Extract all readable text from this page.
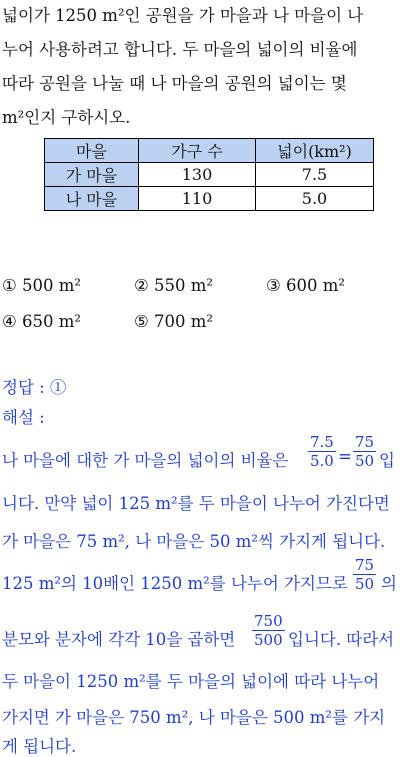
넓이가 1250 m²인 공원을 가 마을과 나 마을이 나
누어 사용하려고 합니다. 두 마을의 넓이의 비율에
따라 공원을 나눌 때 나 마을의 공원의 넓이는 몇
m²인지 구하시오.
마을	가구 수	넓이(km²)
가 마을	130	7.5
나 마을	110	5.0
① 500 m²	② 550 m²	③ 600 m²
④ 650 m²	⑤ 700 m²
정답 : ①
해설 :
나 마을에 대한 가 마을의 넓이의 비율은 $\frac{7.5}{5.0} = \frac{75}{50}$ 입
니다. 만약 넓이 125 m²를 두 마을이 나누어 가진다면
가 마을은 75 m², 나 마을은 50 m²씩 가지게 됩니다.
125 m²의 10배인 1250 m²를 나누어 가지므로 $\frac{75}{50}$ 의
분모와 분자에 각각 10을 곱하면 $\frac{750}{500}$ 입니다. 따라서
두 마을이 1250 m²를 두 마을의 넓이에 따라 나누어
가지면 가 마을은 750 m², 나 마을은 500 m²를 가지
게 됩니다.
